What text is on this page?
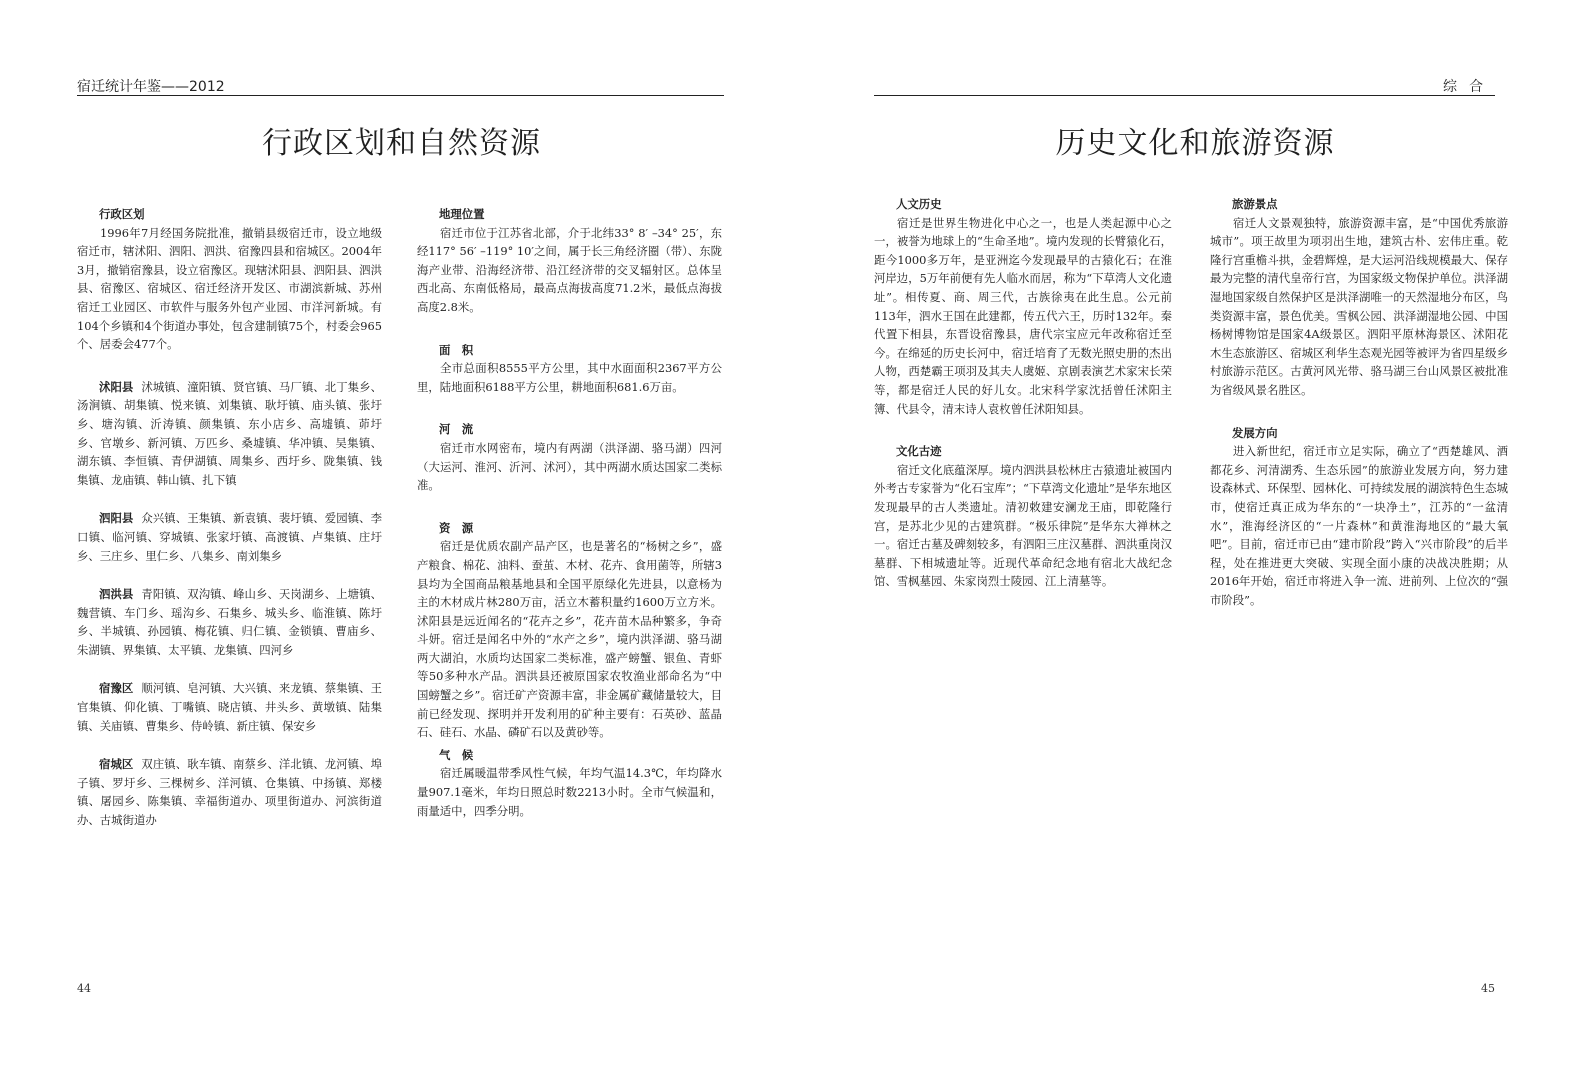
宿迁统计年鉴——2012
行政区划和自然资源

行政区划

1996年7月经国务院批准，撤销县级宿迁市，设立地级宿迁市，辖沭阳、泗阳、泗洪、宿豫四县和宿城区。2004年3月，撤销宿豫县，设立宿豫区。现辖沭阳县、泗阳县、泗洪县、宿豫区、宿城区、宿迁经济开发区、市湖滨新城、苏州宿迁工业园区、市软件与服务外包产业园、市洋河新城。有104个乡镇和4个街道办事处，包含建制镇75个，村委会965个、居委会477个。

沭阳县 沭城镇、潼阳镇、贤官镇、马厂镇、北丁集乡、汤涧镇、胡集镇、悦来镇、刘集镇、耿圩镇、庙头镇、张圩乡、塘沟镇、沂涛镇、颜集镇、东小店乡、高墟镇、茆圩乡、官墩乡、新河镇、万匹乡、桑墟镇、华冲镇、吴集镇、湖东镇、李恒镇、青伊湖镇、周集乡、西圩乡、陇集镇、钱集镇、龙庙镇、韩山镇、扎下镇

泗阳县 众兴镇、王集镇、新袁镇、裴圩镇、爱园镇、李口镇、临河镇、穿城镇、张家圩镇、高渡镇、卢集镇、庄圩乡、三庄乡、里仁乡、八集乡、南刘集乡

泗洪县 青阳镇、双沟镇、峰山乡、天岗湖乡、上塘镇、魏营镇、车门乡、瑶沟乡、石集乡、城头乡、临淮镇、陈圩乡、半城镇、孙园镇、梅花镇、归仁镇、金锁镇、曹庙乡、朱湖镇、界集镇、太平镇、龙集镇、四河乡

宿豫区 顺河镇、皂河镇、大兴镇、来龙镇、蔡集镇、王官集镇、仰化镇、丁嘴镇、晓店镇、井头乡、黄墩镇、陆集镇、关庙镇、曹集乡、侍岭镇、新庄镇、保安乡

宿城区 双庄镇、耿车镇、南蔡乡、洋北镇、龙河镇、埠子镇、罗圩乡、三棵树乡、洋河镇、仓集镇、中扬镇、郑楼镇、屠园乡、陈集镇、幸福街道办、项里街道办、河滨街道办、古城街道办

地理位置

宿迁市位于江苏省北部，介于北纬33° 8′ –34° 25′，东经117° 56′ –119° 10′之间，属于长三角经济圈（带）、东陇海产业带、沿海经济带、沿江经济带的交叉辐射区。总体呈西北高、东南低格局，最高点海拔高度71.2米，最低点海拔高度2.8米。

面　积

全市总面积8555平方公里，其中水面面积2367平方公里，陆地面积6188平方公里，耕地面积681.6万亩。

河　流

宿迁市水网密布，境内有两湖（洪泽湖、骆马湖）四河（大运河、淮河、沂河、沭河），其中两湖水质达国家二类标准。

资　源

宿迁是优质农副产品产区，也是著名的“杨树之乡”，盛产粮食、棉花、油料、蚕茧、木材、花卉、食用菌等，所辖3县均为全国商品粮基地县和全国平原绿化先进县，以意杨为主的木材成片林280万亩，活立木蓄积量约1600万立方米。沭阳县是远近闻名的“花卉之乡”，花卉苗木品种繁多，争奇斗妍。宿迁是闻名中外的“水产之乡”，境内洪泽湖、骆马湖两大湖泊，水质均达国家二类标准，盛产螃蟹、银鱼、青虾等50多种水产品。泗洪县还被原国家农牧渔业部命名为“中国螃蟹之乡”。宿迁矿产资源丰富，非金属矿藏储量较大，目前已经发现、探明并开发利用的矿种主要有：石英砂、蓝晶石、硅石、水晶、磷矿石以及黄砂等。

气　候

宿迁属暖温带季风性气候，年均气温14.3℃，年均降水量907.1毫米，年均日照总时数2213小时。全市气候温和，雨量适中，四季分明。

44
综合
历史文化和旅游资源

人文历史

宿迁是世界生物进化中心之一，也是人类起源中心之一，被誉为地球上的“生命圣地”。境内发现的长臂猿化石，距今1000多万年，是亚洲迄今发现最早的古猿化石；在淮河岸边，5万年前便有先人临水而居，称为“下草湾人文化遗址”。相传夏、商、周三代，古族徐夷在此生息。公元前113年，泗水王国在此建都，传五代六王，历时132年。秦代置下相县，东晋设宿豫县，唐代宗宝应元年改称宿迁至今。在绵延的历史长河中，宿迁培育了无数光照史册的杰出人物，西楚霸王项羽及其夫人虞姬、京剧表演艺术家宋长荣等，都是宿迁人民的好儿女。北宋科学家沈括曾任沭阳主簿、代县令，清末诗人袁枚曾任沭阳知县。

文化古迹

宿迁文化底蕴深厚。境内泗洪县松林庄古猿遗址被国内外考古专家誉为“化石宝库”；“下草湾文化遗址”是华东地区发现最早的古人类遗址。清初敕建安澜龙王庙，即乾隆行宫，是苏北少见的古建筑群。“极乐律院”是华东大禅林之一。宿迁古墓及碑刻较多，有泗阳三庄汉墓群、泗洪重岗汉墓群、下相城遗址等。近现代革命纪念地有宿北大战纪念馆、雪枫墓园、朱家岗烈士陵园、江上清墓等。

旅游景点

宿迁人文景观独特，旅游资源丰富，是“中国优秀旅游城市”。项王故里为项羽出生地，建筑古朴、宏伟庄重。乾隆行宫重檐斗拱，金碧辉煌，是大运河沿线规模最大、保存最为完整的清代皇帝行宫，为国家级文物保护单位。洪泽湖湿地国家级自然保护区是洪泽湖唯一的天然湿地分布区，鸟类资源丰富，景色优美。雪枫公园、洪泽湖湿地公园、中国杨树博物馆是国家4A级景区。泗阳平原林海景区、沭阳花木生态旅游区、宿城区利华生态观光园等被评为省四星级乡村旅游示范区。古黄河风光带、骆马湖三台山风景区被批准为省级风景名胜区。

发展方向

进入新世纪，宿迁市立足实际，确立了“西楚雄风、酒都花乡、河清湖秀、生态乐园”的旅游业发展方向，努力建设森林式、环保型、园林化、可持续发展的湖滨特色生态城市，使宿迁真正成为华东的“一块净土”，江苏的“一盆清水”，淮海经济区的“一片森林”和黄淮海地区的“最大氧吧”。目前，宿迁市已由“建市阶段”跨入“兴市阶段”的后半程，处在推进更大突破、实现全面小康的决战决胜期；从2016年开始，宿迁市将进入争一流、进前列、上位次的“强市阶段”。

45
